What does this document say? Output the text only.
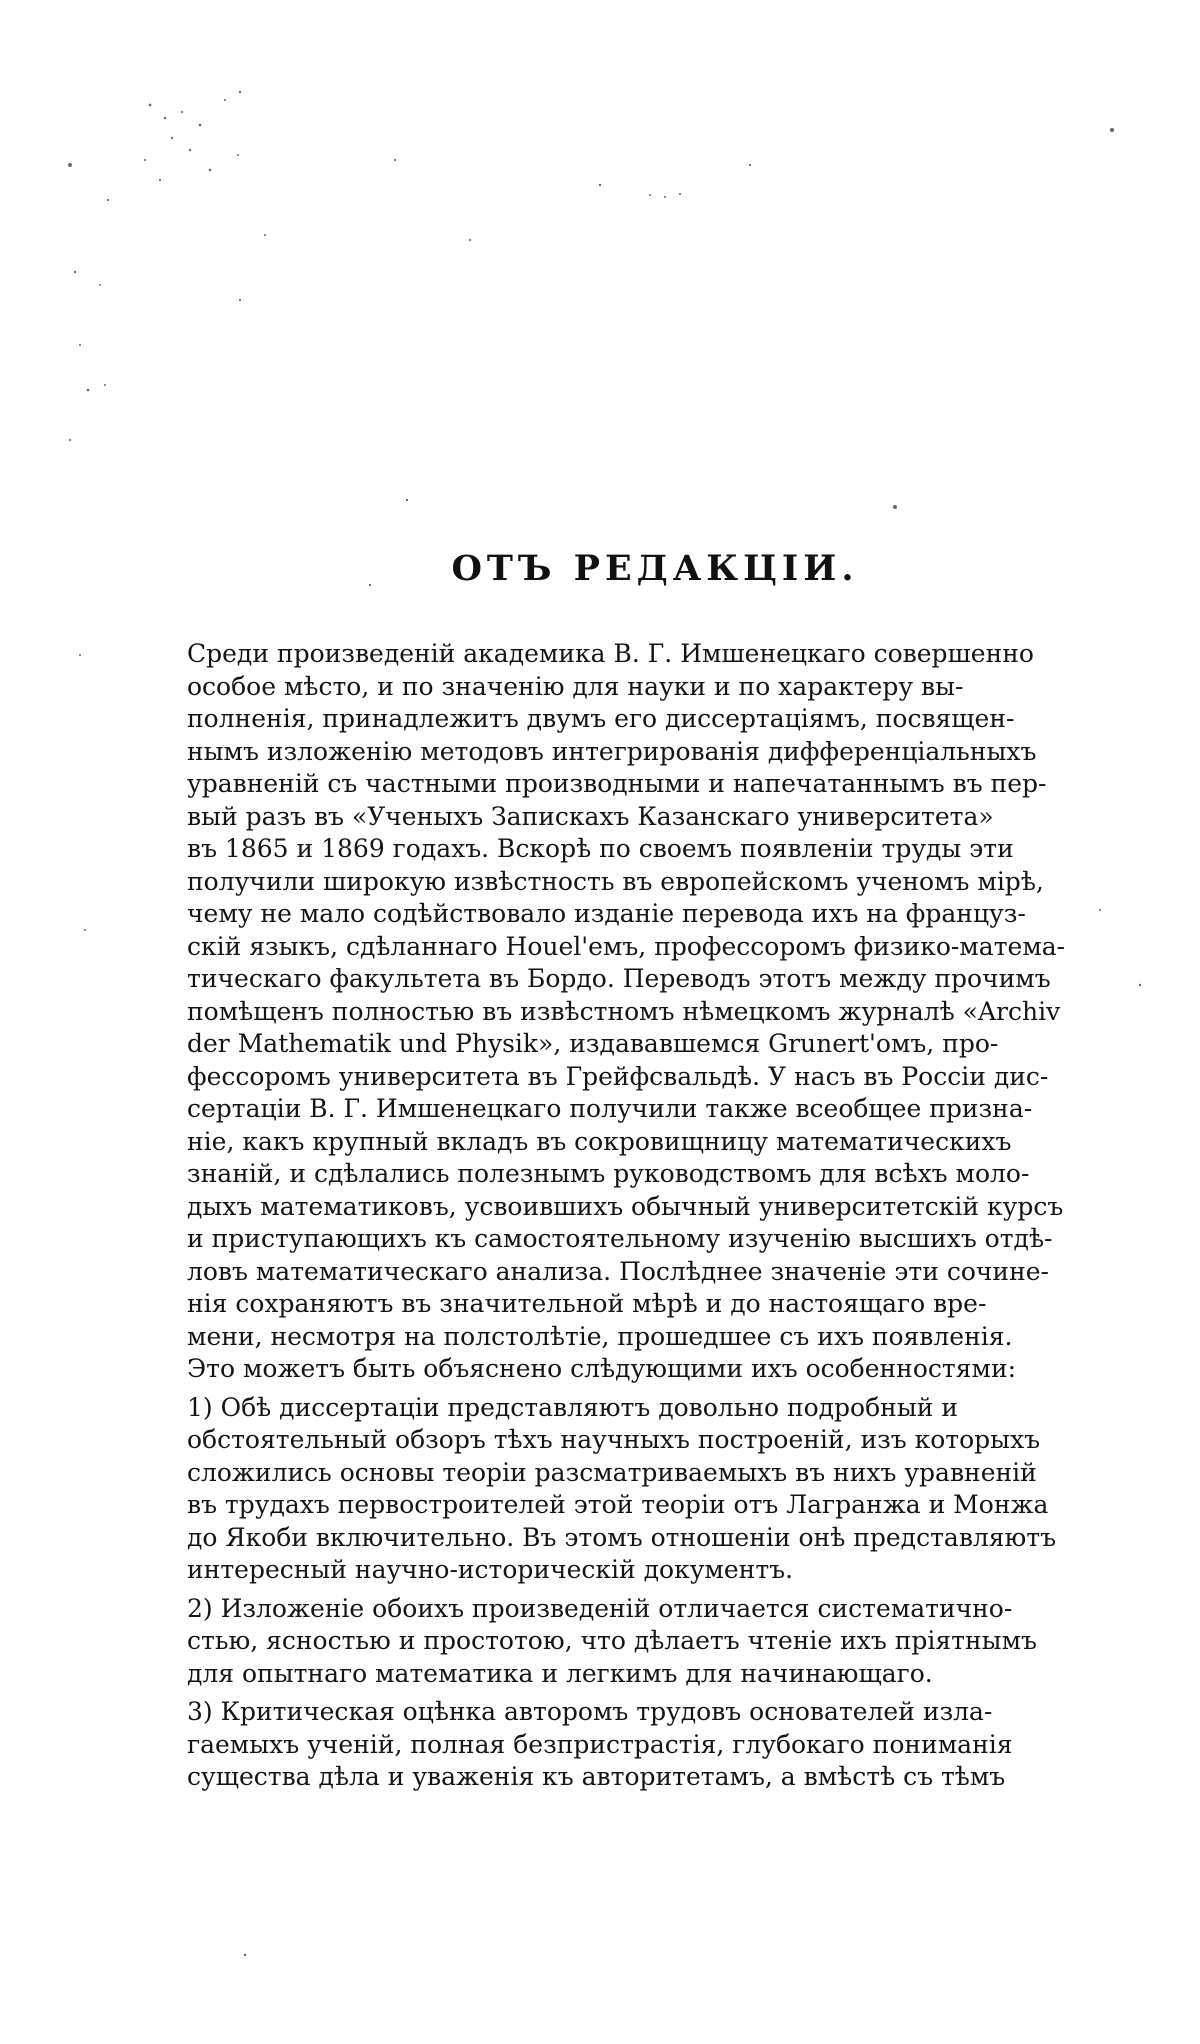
ОТЪ РЕДАКЦІИ.
Среди произведеній академика В. Г. Имшенецкаго совершенно
особое мѣсто, и по значенію для науки и по характеру вы-
полненія, принадлежитъ двумъ его диссертаціямъ, посвящен-
нымъ изложенію методовъ интегрированія дифференціальныхъ
уравненій съ частными производными и напечатаннымъ въ пер-
вый разъ въ «Ученыхъ Запискахъ Казанскаго университета»
въ 1865 и 1869 годахъ. Вскорѣ по своемъ появленіи труды эти
получили широкую извѣстность въ европейскомъ ученомъ мірѣ,
чему не мало содѣйствовало изданіе перевода ихъ на француз-
скій языкъ, сдѣланнаго Houel'емъ, профессоромъ физико-матема-
тическаго факультета въ Бордо. Переводъ этотъ между прочимъ
помѣщенъ полностью въ извѣстномъ нѣмецкомъ журналѣ «Archiv
der Mathematik und Physik», издававшемся Grunert'омъ, про-
фессоромъ университета въ Грейфсвальдѣ. У насъ въ Россіи дис-
сертаціи В. Г. Имшенецкаго получили также всеобщее призна-
ніе, какъ крупный вкладъ въ сокровищницу математическихъ
знаній, и сдѣлались полезнымъ руководствомъ для всѣхъ моло-
дыхъ математиковъ, усвоившихъ обычный университетскій курсъ
и приступающихъ къ самостоятельному изученію высшихъ отдѣ-
ловъ математическаго анализа. Послѣднее значеніе эти сочине-
нія сохраняютъ въ значительной мѣрѣ и до настоящаго вре-
мени, несмотря на полстолѣтіе, прошедшее съ ихъ появленія.
Это можетъ быть объяснено слѣдующими ихъ особенностями:
1) Обѣ диссертаціи представляютъ довольно подробный и
обстоятельный обзоръ тѣхъ научныхъ построеній, изъ которыхъ
сложились основы теоріи разсматриваемыхъ въ нихъ уравненій
въ трудахъ первостроителей этой теоріи отъ Лагранжа и Монжа
до Якоби включительно. Въ этомъ отношеніи онѣ представляютъ
интересный научно-историческій документъ.
2) Изложеніе обоихъ произведеній отличается систематично-
стью, ясностью и простотою, что дѣлаетъ чтеніе ихъ пріятнымъ
для опытнаго математика и легкимъ для начинающаго.
3) Критическая оцѣнка авторомъ трудовъ основателей излa-
гаемыхъ ученій, полная безпристрастія, глубокаго пониманія
существа дѣла и уваженія къ авторитетамъ, а вмѣстѣ съ тѣмъ
